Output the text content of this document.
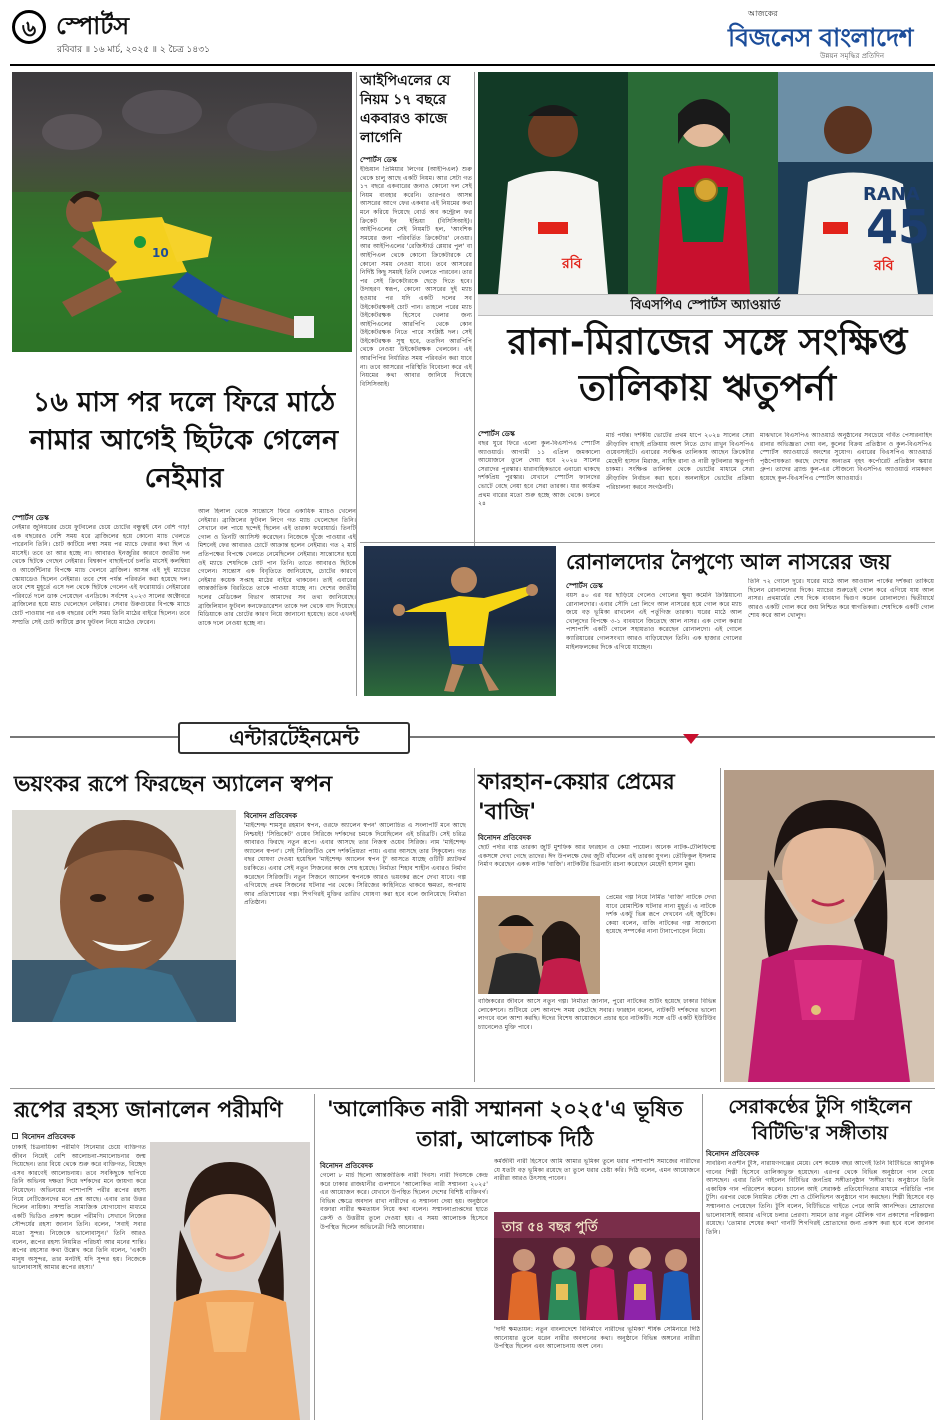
৬ স্পোর্টস
রবিবার ॥ ১৬ মার্চ, ২০২৫ ॥ ২ চৈত্র ১৪৩১
আজকের
বিজনেস বাংলাদেশ
উন্নয়ন সমৃদ্ধির প্রতিদিন
10
আইপিএলের যে নিয়ম ১৭ বছরে একবারও কাজে লাগেনি
স্পোর্টস ডেস্ক
ইন্ডিয়ান প্রিমিয়ার লিগের (আইপিএল) শুরু থেকে চালু আছে একটি নিয়ম। আর সেটা গত ১৭ বছরে একবারের জন্যও কোনো দল সেই নিয়ম ব্যবহার করেনি। তারপরও আসন্ন আসরের আগে ফের একবার এই নিয়মের কথা মনে করিয়ে দিয়েছে বোর্ড অব কন্ট্রোল ফর ক্রিকেট ইন ইন্ডিয়া (বিসিসিআই)। আইপিএলের সেই নিয়মটি হল, 'আংশিক সময়ের জন্য পরিবর্তিত ক্রিকেটার' নেওয়া। আর আইপিএলের 'রেজিস্টার্ড প্লেয়ার পুল' বা আইপিএল থেকে কোনো ক্রিকেটারকে যে কোনো সময় নেওয়া যাবে। তবে আসরের নির্দিষ্ট কিছু সময়ই তিনি খেলতে পারবেন। তার পর সেই ক্রিকেটারকে ছেড়ে দিতে হবে। উদাহরণ স্বরূপ, কোনো আসরের দুই ম্যাচ হওয়ার পর যদি একটি দলের সব উইকেটরক্ষকই চোট পান। তাহলে পরের ম্যাচ উইকেটরক্ষক হিসেবে খেলার জন্য আইপিএলের আরপিপি থেকে কোন উইকেটরক্ষক নিতে পারে সংশ্লিষ্ট দল। সেই উইকেটরক্ষক সুস্থ হবে, ততদিন আরপিপি থেকে নেওয়া উইকেটরক্ষক খেলবেন। এই আরপিপির নির্ধারিত সময় পরিবর্তন করা যাবে না। তবে আসরের পরিস্থিতি বিবেচনা করে এই নিয়মের কথা আবার জানিয়ে দিয়েছে বিসিসিআই।
RANA
45
রবি	রবি
বিএসপিএ স্পোর্টস অ্যাওয়ার্ড
রানা-মিরাজের সঙ্গে সংক্ষিপ্ত তালিকায় ঋতুপর্না
স্পোর্টস ডেস্ক
বছর ঘুরে ফিরে এলো কুল-বিএসপিএ স্পোর্টস অ্যাওয়ার্ড। আগামী ১১ এপ্রিল জমকালো আয়োজনে তুলে দেয়া হবে ২০২৪ সালের সেরাদের পুরস্কার। ধারাবাহিকভাবে এবারো থাকছে দর্শকপ্রিয় পুরস্কার। যেখানে স্পোর্টস ফ্যানদের ভোটে বেছে নেয়া হবে সেরা তারকা। যার কার্যক্রম প্রথম বারের মতো শুরু হচ্ছে আজ থেকে। চলবে ২৪
মার্চ পর্যন্ত। দর্শকীয় ভোটের প্রথম ধাপে ২০২৪ সালের সেরা ক্রীড়াবিদ বাছাই প্রক্রিয়ায় অংশ নিতে চোখ রাখুন বিএসপিএ ওয়েবসাইটে। এবারের সংক্ষিপ্ত তালিকায় আছেন ক্রিকেটার মেহেদী হাসান মিরাজ, নাহিদ রানা ও নারী ফুটবলার ঋতুপর্ণা চাকমা। সংক্ষিপ্ত তালিকা থেকে ভোটের মাধ্যমে সেরা ক্রীড়াবিদ নির্বাচন করা হবে। অনলাইনে ভোটের প্রক্রিয়া পরিচালনা করবে সংগঠনটি।
মাঝখানে বিএসপিএ অ্যাওয়ার্ড অনুষ্ঠানের সবচেয়ে গর্বিত পেসারনাহিদ রানার অভিজ্ঞতা দেয়া বল, কুলের বিক্রয় প্রতিষ্ঠান ও কুল-বিএসপিএ স্পোর্টস অ্যাওয়ার্ডে অংশের সুযোগ। এবারের বিএসপিএ অ্যাওয়ার্ড পৃষ্ঠপোষকতা করছে দেশের অন্যতম বৃহৎ কর্পোরেট প্রতিষ্ঠান স্কয়ার গ্রুপ। তাদের ব্র্যান্ড কুল-এর সৌজন্যে বিএসপিএ অ্যাওয়ার্ড নামকরণ হয়েছে কুল-বিএসপিএ স্পোর্টস অ্যাওয়ার্ড।
১৬ মাস পর দলে ফিরে মাঠে নামার আগেই ছিটকে গেলেন নেইমার
স্পোর্টস ডেস্ক
নেইমার জুনিয়রের চেয়ে ফুটবলের চেয়ে চোটের বন্ধুত্বই যেন বেশি গাঢ়! এক বছরেরও বেশি সময় ধরে ব্রাজিলের হয়ে কোনো ম্যাচ খেলতে পারেননি তিনি। চোট কাটিয়ে লম্বা সময় পর ম্যাচে ফেরার কথা ছিল এ মাসেই। তবে তা আর হচ্ছে না। আবারও ইনজুরির কারণে জাতীয় দল থেকে ছিটকে গেছেন নেইমার। বিশ্বকাপ বাছাইপর্বে চলতি মাসেই কলম্বিয়া ও আর্জেন্টিনার বিপক্ষে ম্যাচ খেলবে ব্রাজিল। আসন্ন এই দুই ম্যাচের স্কোয়াডেও ছিলেন নেইমার। তবে শেষ পর্যন্ত পরিবর্তন করা হয়েছে দল। তবে শেষ মুহূর্তে এসে দল থেকে ছিটকে গেলেন এই ফরোয়ার্ড। নেইমারের পরিবর্তে দলে ডাক পেয়েছেন এনদ্রিকে। সর্বশেষ ২০২৩ সালের অক্টোবরে ব্রাজিলের হয়ে ম্যাচ খেলেছেন নেইমার। সেবার উরুগুয়ের বিপক্ষে ম্যাচে চোট পাওয়ার পর এক বছরের বেশি সময় তিনি মাঠের বাইরে ছিলেন। তবে সম্প্রতি সেই চোট কাটিয়ে ক্লাব ফুটবল নিয়ে মাঠেও ফেরেন।
আল হিলাল থেকে সান্তোসে ফিরে একাধিক ম্যাচও খেলেন নেইমার। ব্রাজিলের ফুটবল লিগে গত ম্যাচ খেলেছেন তিনি। সেখানে বল পায়ে ছন্দেই ছিলেন এই তারকা ফরোয়ার্ড। তিনটি গোল ও তিনটি অ্যাসিস্ট করেছেন। নিজেকে খুঁজে পাওয়ার এই মিশনেই ফের আবারও চোটে আক্রান্ত হলেন নেইমার। গত ২ মার্চ প্রতিপক্ষের বিপক্ষে খেলতে নেমেছিলেন নেইমার। সান্তোসের হয়ে ওই ম্যাচে শেষদিকে চোট পান তিনি। তাতে আবারও ছিটকে গেলেন। সান্তোস এক বিবৃতিতে জানিয়েছে, চোটের কারণে নেইমার কয়েক সপ্তাহ মাঠের বাইরে থাকবেন। তাই এবারের আন্তর্জাতিক বিরতিতে তাকে পাওয়া যাচ্ছে না। দেশের জাতীয় দলের মেডিকেল বিভাগ আমাদের সব তথ্য জানিয়েছে। ব্রাজিলিয়ান ফুটবল কনফেডারেশন তাকে দল থেকে বাদ দিয়েছে। মিডিয়াকে তার চোটের কারণ নিয়ে জানানো হয়েছে। তবে এখনই তাকে দলে নেওয়া হচ্ছে না।
রোনালদোর নৈপুণ্যে আল নাসরের জয়
স্পোর্টস ডেস্ক
বয়স ৪০ এর ঘর ছাড়িয়ে গেলেও গোলের ক্ষুধা কমেনি ক্রিস্তিয়ানো রোনালদোর। এবার সৌদি প্রো লিগে আল নাসরের হয়ে গোল করে ম্যাচ জয়ে বড় ভূমিকা রাখলেন এই পর্তুগিজ তারকা। ঘরের মাঠে আল খোলুদের বিপক্ষে ৩-১ ব্যবধানে জিতেছে আল নাসর। এক গোল করার পাশাপাশি একটি গোলে সহায়তাও করেছেন রোনালদো। এই গোলে ক্যারিয়ারের গোলসংখ্যা আরও বাড়িয়েছেন তিনি। এক হাজার গোলের মাইলফলকের দিকে এগিয়ে যাচ্ছেন।
তিনি ৭২ গোলে দুরে। ঘরের মাঠে আল আওয়াল পার্কের দর্শকরা তাকিয়ে ছিলেন রোনালদোর দিকে। ম্যাচের শুরুতেই গোল করে এগিয়ে যায় আল নাসর। প্রথমার্ধের শেষ দিকে ব্যবধান দ্বিগুণ করেন রোনালদো। দ্বিতীয়ার্ধে আরও একটি গোল করে জয় নিশ্চিত করে স্বাগতিকরা। শেষদিকে একটি গোল শোধ করে আল খোলুদ।
এন্টারটেইনমেন্ট
ভয়ংকর রূপে ফিরছেন অ্যালেন স্বপন
বিনোদন প্রতিবেদক
'মাইশেল্ফ শামসুর রহমান স্বপন, ওরফে অ্যালেন স্বপন' আলোচিত এ সংলাপটি মনে আছে নিশ্চয়ই! 'সিন্ডিকেট' ওয়েব সিরিজে দর্শকদের চমকে দিয়েছিলেন এই চরিত্রটি। সেই চরিত্র আবারও ফিরছে নতুন রূপে। এবার আসছে তার নিজস্ব ওয়েব সিরিজ। নাম 'মাইশেল্ফ অ্যালেন স্বপন'। সেই সিরিজটিও বেশ দর্শকপ্রিয়তা পায়। এবার আসছে তার সিকুয়েল। গত বছর ঘোষণা দেওয়া হয়েছিল 'মাইশেল্ফ অ্যালেন স্বপন টু' আসতে যাচ্ছে ওটিটি প্ল্যাটফর্ম চরকিতে। এবার সেই নতুন সিজনের কাজ শেষ হয়েছে। নির্মাতা শিহাব শাহীন এবারও নির্মাণ করেছেন সিরিজটি। নতুন সিজনে অ্যালেন স্বপনকে আরও ভয়ংকর রূপে দেখা যাবে। গল্প এগিয়েছে প্রথম সিজনের ঘটনার পর থেকে। সিরিজের কাহিনিতে থাকবে ক্ষমতা, অপরাধ আর প্রতিশোধের গল্প। শিগগিরই মুক্তির তারিখ ঘোষণা করা হবে বলে জানিয়েছে নির্মাতা প্রতিষ্ঠান।
ফারহান-কেয়ার প্রেমের 'বাজি'
বিনোদন প্রতিবেদক
ছোট পর্দার ব্যস্ত তারকা জুটি মুশফিক আর ফারহান ও কেয়া পায়েল। অনেক নাটক-টেলিফিল্মে একসঙ্গে দেখা গেছে তাদের। ঈদ উপলক্ষে ফের জুটি বাঁধলেন এই তারকা যুগল। তৌফিকুল ইসলাম নির্মাণ করেছেন একক নাটক 'বাজি'। নাটকটির চিত্রনাট্য রচনা করেছেন মেহেদী হাসান মুন্না।
প্রেমের গল্প নিয়ে নির্মিত 'বাজি' নাটকে দেখা যাবে রোমান্টিক ঘটনার নানা মুহূর্ত। এ নাটকে দর্শক একটু ভিন্ন রূপে দেখবেন এই জুটিকে। কেয়া বলেন, বাজি নাটকের গল্প সাজানো হয়েছে সম্পর্কের নানা টানাপোড়েন নিয়ে।
বাজিকরের জীবনে আসে নতুন গল্প। নির্মাতা জানান, পুরো নাটকের শুটিং হয়েছে ঢাকার বিভিন্ন লোকেশনে। শুটিংয়ে বেশ আনন্দে সময় কেটেছে সবার। ফারহান বলেন, নাটকটি দর্শকদের ভালো লাগবে বলে আশা করছি। ঈদের বিশেষ আয়োজনে প্রচার হবে নাটকটি। সঙ্গে এটি একটি ইউটিউব চ্যানেলেও মুক্তি পাবে।
রূপের রহস্য জানালেন পরীমণি
বিনোদন প্রতিবেদক
ঢাকাই চিত্রনায়িকা পরীমণি সিনেমার চেয়ে ব্যক্তিগত জীবন নিয়েই বেশি আলোচনা-সমালোচনার জন্ম দিয়েছেন। তার বিয়ে থেকে শুরু করে ব্যক্তিগত, বিচ্ছেদ এসব কারণেই আলোচনায়। তবে সবকিছুকে ছাপিয়ে তিনি অভিনয় দক্ষতা দিয়ে দর্শকদের মনে জায়গা করে নিয়েছেন। অভিনয়ের পাশাপাশি পরীর রূপের রহস্য নিয়ে নেটিজেনদের মনে প্রশ্ন আছে। এবার তার উত্তর দিলেন নায়িকা। সম্প্রতি সামাজিক যোগাযোগ মাধ্যমে একটি ভিডিও প্রকাশ করেন পরীমণি। সেখানে নিজের সৌন্দর্যের রহস্য জানান তিনি। বলেন, 'সবাই সবার মতো সুন্দর। নিজেকে ভালোবাসুন।' তিনি আরও বলেন, রূপের রহস্য নিয়মিত পরিচর্যা আর মনের শান্তি। রূপের রহস্যের কথা উল্লেখ করে তিনি বলেন, 'একটা মানুষ অসুন্দর, তার মনটাই যদি সুন্দর হয়। নিজেকে ভালোবাসাই আমার রূপের রহস্য।'
'আলোকিত নারী সম্মাননা ২০২৫'এ ভূষিত তারা, আলোচক দিঠি
বিনোদন প্রতিবেদক
গেলো ৮ মার্চ ছিলো আন্তর্জাতিক নারী দিবস। নারী দিবসকে কেন্দ্র করে ঢাকার রাজধানীর গুলশানে 'আলোকিত নারী সম্মাননা ২০২৫' এর আয়োজন করে। যেখানে উপস্থিত ছিলেন দেশের বিশিষ্ট ব্যক্তিবর্গ। বিভিন্ন ক্ষেত্রে অবদান রাখা নারীদের এ সম্মাননা দেয়া হয়। অনুষ্ঠানে বক্তারা নারীর ক্ষমতায়ন নিয়ে কথা বলেন। সম্মাননাপ্রাপ্তদের হাতে ক্রেস্ট ও উত্তরীয় তুলে দেওয়া হয়। এ সময় আলোচক হিসেবে উপস্থিত ছিলেন অভিনেত্রী দিঠি আনোয়ার।
কর্মজীবী নারী হিসেবে আমি আমার ভূমিকা তুলে ধরার পাশাপাশি সমাজের নারীদের যে যতটা বড় ভূমিকা রয়েছে তা তুলে ধরার চেষ্টা করি। দিঠি বলেন, এমন আয়োজনে নারীরা আরও উৎসাহ পাবেন।
তার ৫৪ বছর পুর্তি
'দাদী ক্ষমতায়ন: নতুন বাংলাদেশে বিনির্মাণে নারীদের ভূমিকা' শীর্ষক সেমিনারে দিঠি আনোয়ার তুলে ধরেন নারীর অবদানের কথা। অনুষ্ঠানে বিভিন্ন অঙ্গনের নারীরা উপস্থিত ছিলেন এবং আলোচনায় অংশ নেন।
সেরাকণ্ঠের টুসি গাইলেন বিটিভি'র সঙ্গীতায়
বিনোদন প্রতিবেদক
সাবরিনা নওশীন টুসি, নারায়ণগঞ্জের মেয়ে। বেশ কয়েক বছর আগেই তিনি বিটিভিতে আধুনিক গানের শিল্পী হিসেবে তালিকাভুক্ত হয়েছেন। এরপর থেকে বিভিন্ন অনুষ্ঠানে গান গেয়ে আসছেন। এবার তিনি গাইলেন বিটিভির জনপ্রিয় সঙ্গীতানুষ্ঠান 'সঙ্গীতা'য়। অনুষ্ঠানে তিনি একাধিক গান পরিবেশন করেন। চ্যানেল আই সেরাকণ্ঠ প্রতিযোগিতার মাধ্যমে পরিচিতি পান টুসি। এরপর থেকে নিয়মিত স্টেজ শো ও টেলিভিশন অনুষ্ঠানে গান করছেন। শিল্পী হিসেবে বড় সম্মাননাও পেয়েছেন তিনি। টুসি বলেন, বিটিভিতে গাইতে পেরে আমি আনন্দিত। শ্রোতাদের ভালোবাসাই আমার এগিয়ে চলার প্রেরণা। সামনে তার নতুন মৌলিক গান প্রকাশের পরিকল্পনা রয়েছে। 'তোমার শেষের কথা' গানটি শিগগিরই শ্রোতাদের জন্য প্রকাশ করা হবে বলে জানান তিনি।
